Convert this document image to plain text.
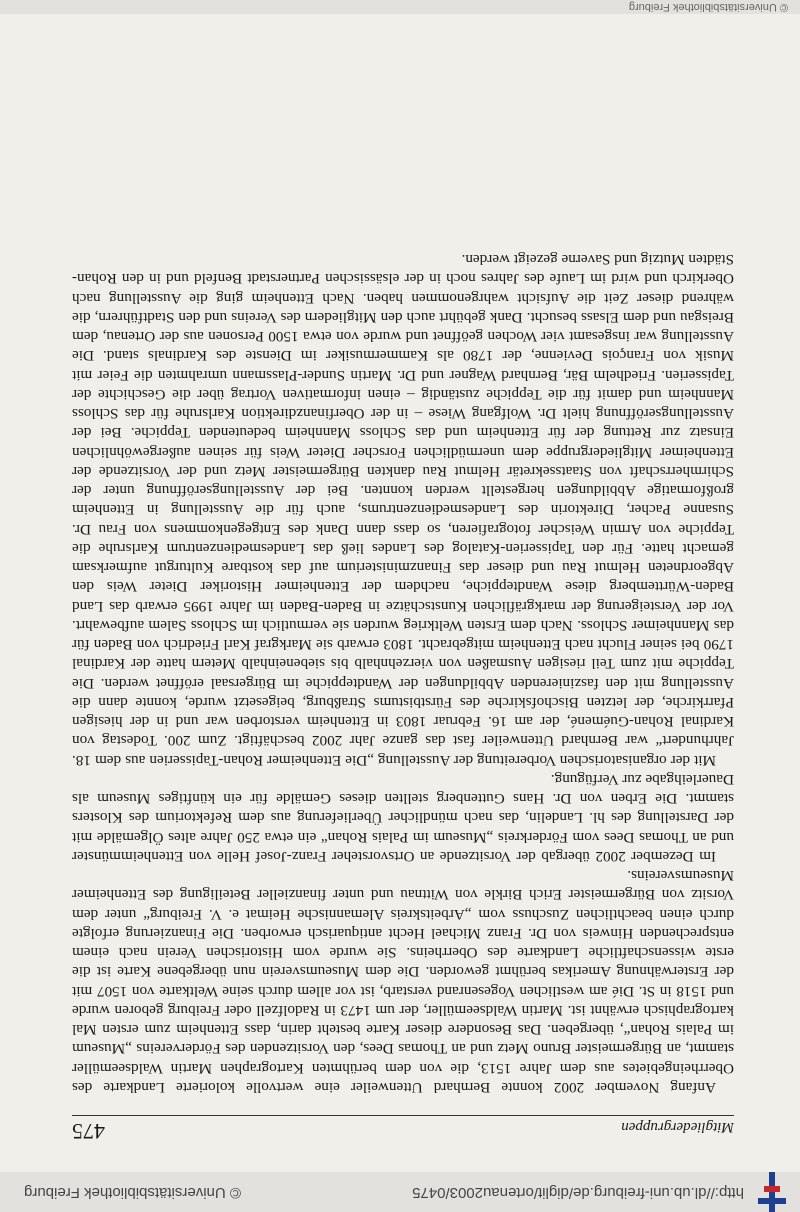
http://dl.ub.uni-freiburg.de/diglit/ortenau2003/0475
© Universitätsbibliothek Freiburg
Mitgliedergruppen
475

Anfang November 2002 konnte Bernhard Uttenweiler eine wertvolle kolorierte Landkarte des Oberrheingebietes aus dem Jahre 1513, die von dem berühmten Kartographen Martin Waldseemüller stammt, an Bürgermeister Bruno Metz und an Thomas Dees, den Vorsitzenden des Fördervereins „Museum im Palais Rohan“, übergeben. Das Besondere dieser Karte besteht darin, dass Ettenheim zum ersten Mal kartographisch erwähnt ist. Martin Waldseemüller, der um 1473 in Radolfzell oder Freiburg geboren wurde und 1518 in St. Dié am westlichen Vogesenrand verstarb, ist vor allem durch seine Weltkarte von 1507 mit der Ersterwähnung Amerikas berühmt geworden. Die dem Museumsverein nun übergebene Karte ist die erste wissenschaftliche Landkarte des Oberrheins. Sie wurde vom Historischen Verein nach einem entsprechenden Hinweis von Dr. Franz Michael Hecht antiquarisch erworben. Die Finanzierung erfolgte durch einen beachtlichen Zuschuss vom „Arbeitskreis Alemannische Heimat e. V. Freiburg“ unter dem Vorsitz von Bürgermeister Erich Birkle von Wittnau und unter finanzieller Beteiligung des Ettenheimer Museumsvereins.

Im Dezember 2002 übergab der Vorsitzende an Ortsvorsteher Franz-Josef Helle von Ettenheimmünster und an Thomas Dees vom Förderkreis „Museum im Palais Rohan“ ein etwa 250 Jahre altes Ölgemälde mit der Darstellung des hl. Landelin, das nach mündlicher Überlieferung aus dem Refektorium des Klosters stammt. Die Erben von Dr. Hans Guttenberg stellten dieses Gemälde für ein künftiges Museum als Dauerleihgabe zur Verfügung.

Mit der organisatorischen Vorbereitung der Ausstellung „Die Ettenheimer Rohan-Tapisserien aus dem 18. Jahrhundert“ war Bernhard Uttenweiler fast das ganze Jahr 2002 beschäftigt. Zum 200. Todestag von Kardinal Rohan-Guémené, der am 16. Februar 1803 in Ettenheim verstorben war und in der hiesigen Pfarrkirche, der letzten Bischofskirche des Fürstbistums Straßburg, beigesetzt wurde, konnte dann die Ausstellung mit den faszinierenden Abbildungen der Wandteppiche im Bürgersaal eröffnet werden. Die Teppiche mit zum Teil riesigen Ausmaßen von vierzehnhalb bis siebeneinhalb Metern hatte der Kardinal 1790 bei seiner Flucht nach Ettenheim mitgebracht. 1803 erwarb sie Markgraf Karl Friedrich von Baden für das Mannheimer Schloss. Nach dem Ersten Weltkrieg wurden sie vermutlich im Schloss Salem aufbewahrt. Vor der Versteigerung der markgräflichen Kunstschätze in Baden-Baden im Jahre 1995 erwarb das Land Baden-Württemberg diese Wandteppiche, nachdem der Ettenheimer Historiker Dieter Weis den Abgeordneten Helmut Rau und dieser das Finanzministerium auf das kostbare Kulturgut aufmerksam gemacht hatte. Für den Tapisserien-Katalog des Landes ließ das Landesmedienzentrum Karlsruhe die Teppiche von Armin Weischer fotografieren, so dass dann Dank des Entgegenkommens von Frau Dr. Susanne Pacher, Direktorin des Landesmedienzentrums, auch für die Ausstellung in Ettenheim großformatige Abbildungen hergestellt werden konnten. Bei der Ausstellungseröffnung unter der Schirmherrschaft von Staatssekretär Helmut Rau dankten Bürgermeister Metz und der Vorsitzende der Ettenheimer Mitgliedergruppe dem unermüdlichen Forscher Dieter Weis für seinen außergewöhnlichen Einsatz zur Rettung der für Ettenheim und das Schloss Mannheim bedeutenden Teppiche. Bei der Ausstellungseröffnung hielt Dr. Wolfgang Wiese – in der Oberfinanzdirektion Karlsruhe für das Schloss Mannheim und damit für die Teppiche zuständig – einen informativen Vortrag über die Geschichte der Tapisserien. Friedhelm Bär, Bernhard Wagner und Dr. Martin Sunder-Plassmann umrahmten die Feier mit Musik von François Devienne, der 1780 als Kammermusiker im Dienste des Kardinals stand. Die Ausstellung war insgesamt vier Wochen geöffnet und wurde von etwa 1500 Personen aus der Ortenau, dem Breisgau und dem Elsass besucht. Dank gebührt auch den Mitgliedern des Vereins und den Stadtführern, die während dieser Zeit die Aufsicht wahrgenommen haben. Nach Ettenheim ging die Ausstellung nach Oberkirch und wird im Laufe des Jahres noch in der elsässischen Partnerstadt Benfeld und in den Rohan-Städten Mutzig und Saverne gezeigt werden.

© Universitätsbibliothek Freiburg
